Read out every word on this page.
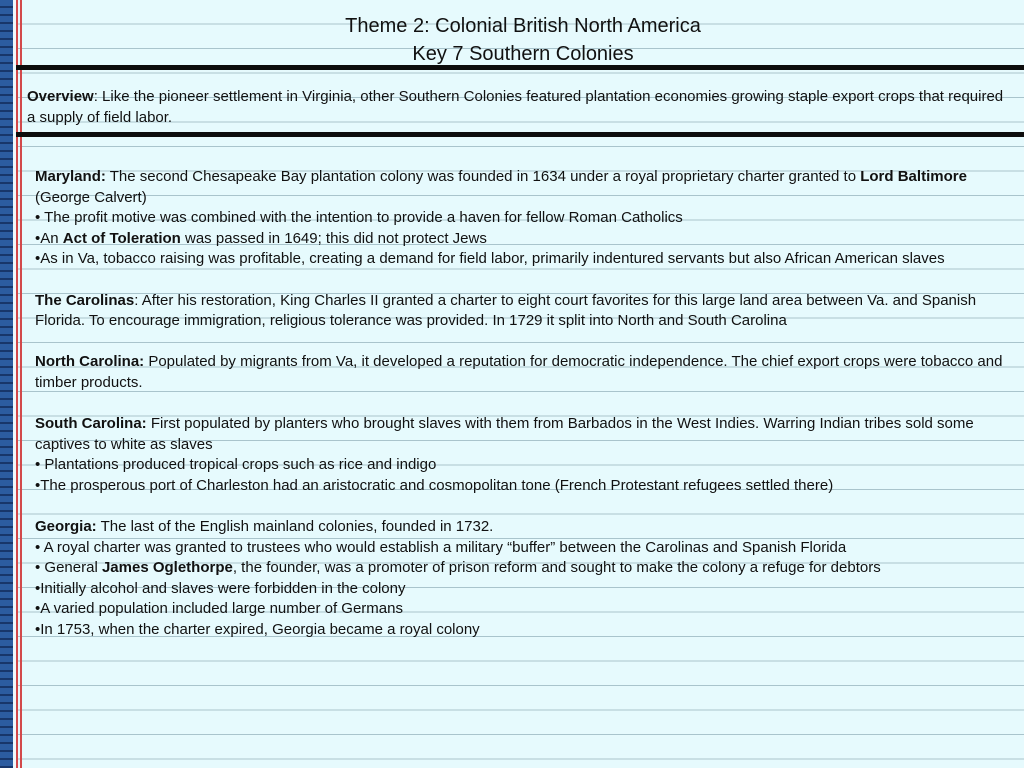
Theme 2: Colonial British North America
Key 7 Southern Colonies
Overview: Like the pioneer settlement in Virginia, other Southern Colonies featured plantation economies growing staple export crops that required a supply of field labor.

Maryland: The second Chesapeake Bay plantation colony was founded in 1634 under a royal proprietary charter granted to Lord Baltimore (George Calvert)

• The profit motive was combined with the intention to provide a haven for fellow Roman Catholics

•An Act of Toleration was passed in 1649; this did not protect Jews

•As in Va, tobacco raising was profitable, creating a demand for field labor, primarily indentured servants but also African American slaves

The Carolinas: After his restoration, King Charles II granted a charter to eight court favorites for this large land area between Va. and Spanish Florida. To encourage immigration, religious tolerance was provided. In 1729 it split into North and South Carolina

North Carolina: Populated by migrants from Va, it developed a reputation for democratic independence. The chief export crops were tobacco and timber products.

South Carolina: First populated by planters who brought slaves with them from Barbados in the West Indies. Warring Indian tribes sold some captives to white as slaves

• Plantations produced tropical crops such as rice and indigo

•The prosperous port of Charleston had an aristocratic and cosmopolitan tone (French Protestant refugees settled there)

Georgia: The last of the English mainland colonies, founded in 1732.

• A royal charter was granted to trustees who would establish a military “buffer” between the Carolinas and Spanish Florida

• General James Oglethorpe, the founder, was a promoter of prison reform and sought to make the colony a refuge for debtors

•Initially alcohol and slaves were forbidden in the colony

•A varied population included large number of Germans

•In 1753, when the charter expired, Georgia became a royal colony
